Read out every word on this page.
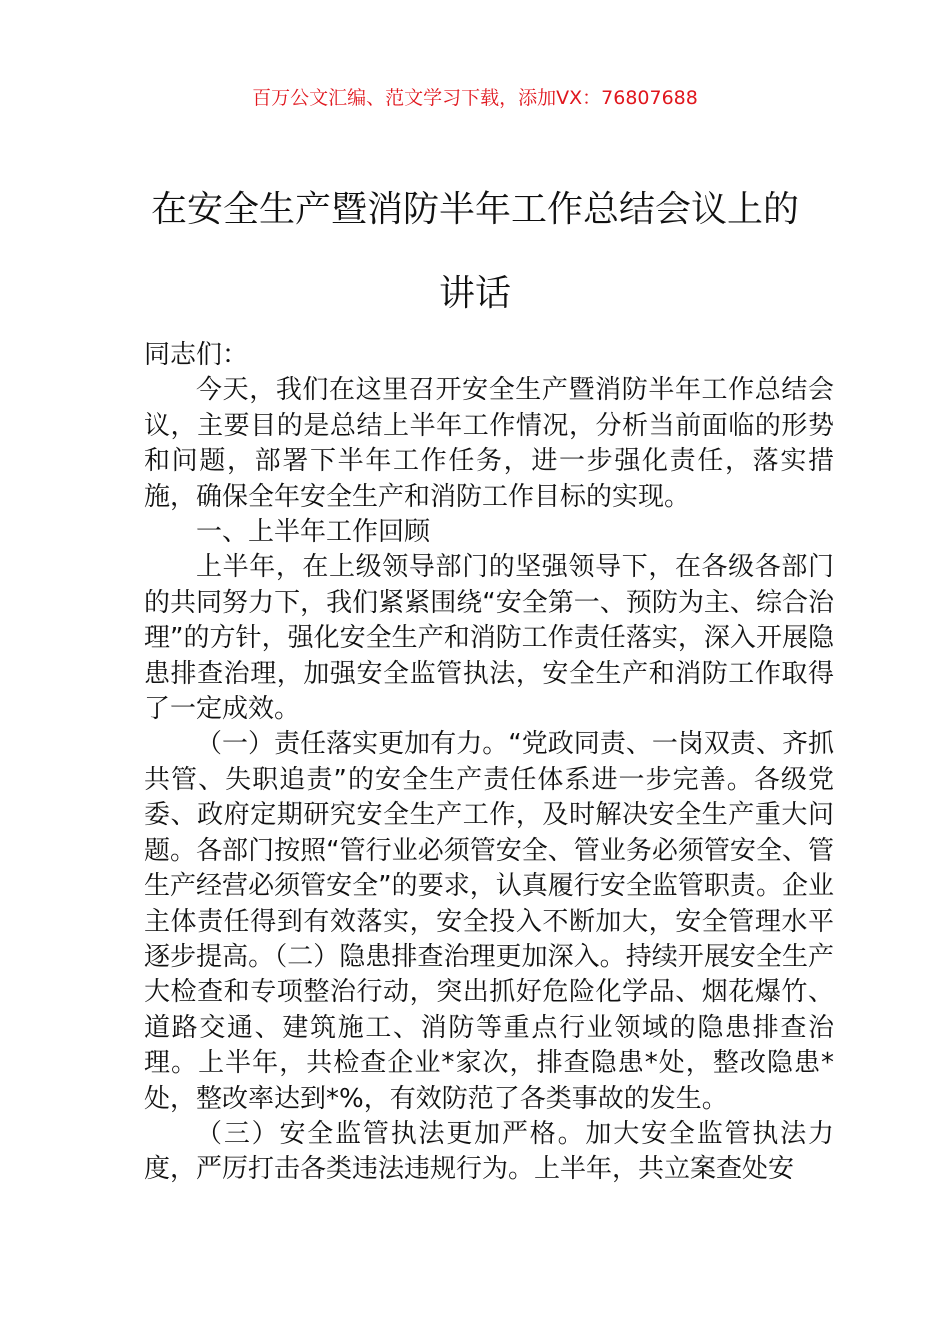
百万公文汇编、范文学习下载，添加VX：76807688
在安全生产暨消防半年工作总结会议上的
讲话

同志们：

今天，我们在这里召开安全生产暨消防半年工作总结会议，主要目的是总结上半年工作情况，分析当前面临的形势和问题，部署下半年工作任务，进一步强化责任，落实措施，确保全年安全生产和消防工作目标的实现。

一、上半年工作回顾

上半年，在上级领导部门的坚强领导下，在各级各部门的共同努力下，我们紧紧围绕“安全第一、预防为主、综合治理”的方针，强化安全生产和消防工作责任落实，深入开展隐患排查治理，加强安全监管执法，安全生产和消防工作取得了一定成效。

（一）责任落实更加有力。“党政同责、一岗双责、齐抓共管、失职追责”的安全生产责任体系进一步完善。各级党委、政府定期研究安全生产工作，及时解决安全生产重大问题。各部门按照“管行业必须管安全、管业务必须管安全、管生产经营必须管安全”的要求，认真履行安全监管职责。企业主体责任得到有效落实，安全投入不断加大，安全管理水平逐步提高。（二）隐患排查治理更加深入。持续开展安全生产大检查和专项整治行动，突出抓好危险化学品、烟花爆竹、道路交通、建筑施工、消防等重点行业领域的隐患排查治理。上半年，共检查企业*家次，排查隐患*处，整改隐患*处，整改率达到*%，有效防范了各类事故的发生。

（三）安全监管执法更加严格。加大安全监管执法力度，严厉打击各类违法违规行为。上半年，共立案查处安
